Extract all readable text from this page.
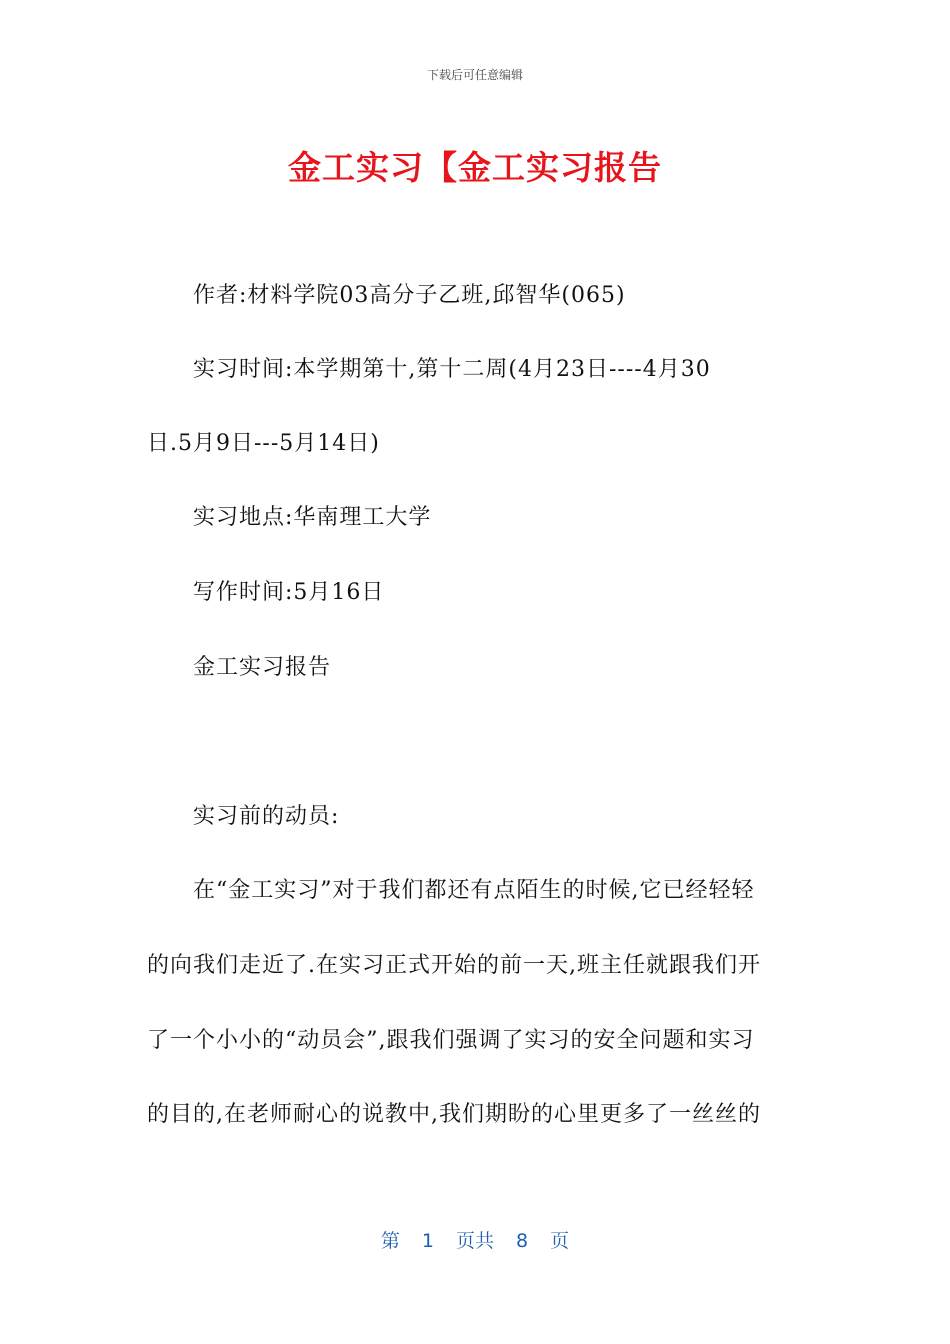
下载后可任意编辑
金工实习【金工实习报告
作者:材料学院03高分子乙班,邱智华(065)
实习时间:本学期第十,第十二周(4月23日----4月30
日.5月9日---5月14日)
实习地点:华南理工大学
写作时间:5月16日
金工实习报告
实习前的动员:
在“金工实习”对于我们都还有点陌生的时候,它已经轻轻
的向我们走近了.在实习正式开始的前一天,班主任就跟我们开
了一个小小的“动员会”,跟我们强调了实习的安全问题和实习
的目的,在老师耐心的说教中,我们期盼的心里更多了一丝丝的
第 1 页共 8 页
